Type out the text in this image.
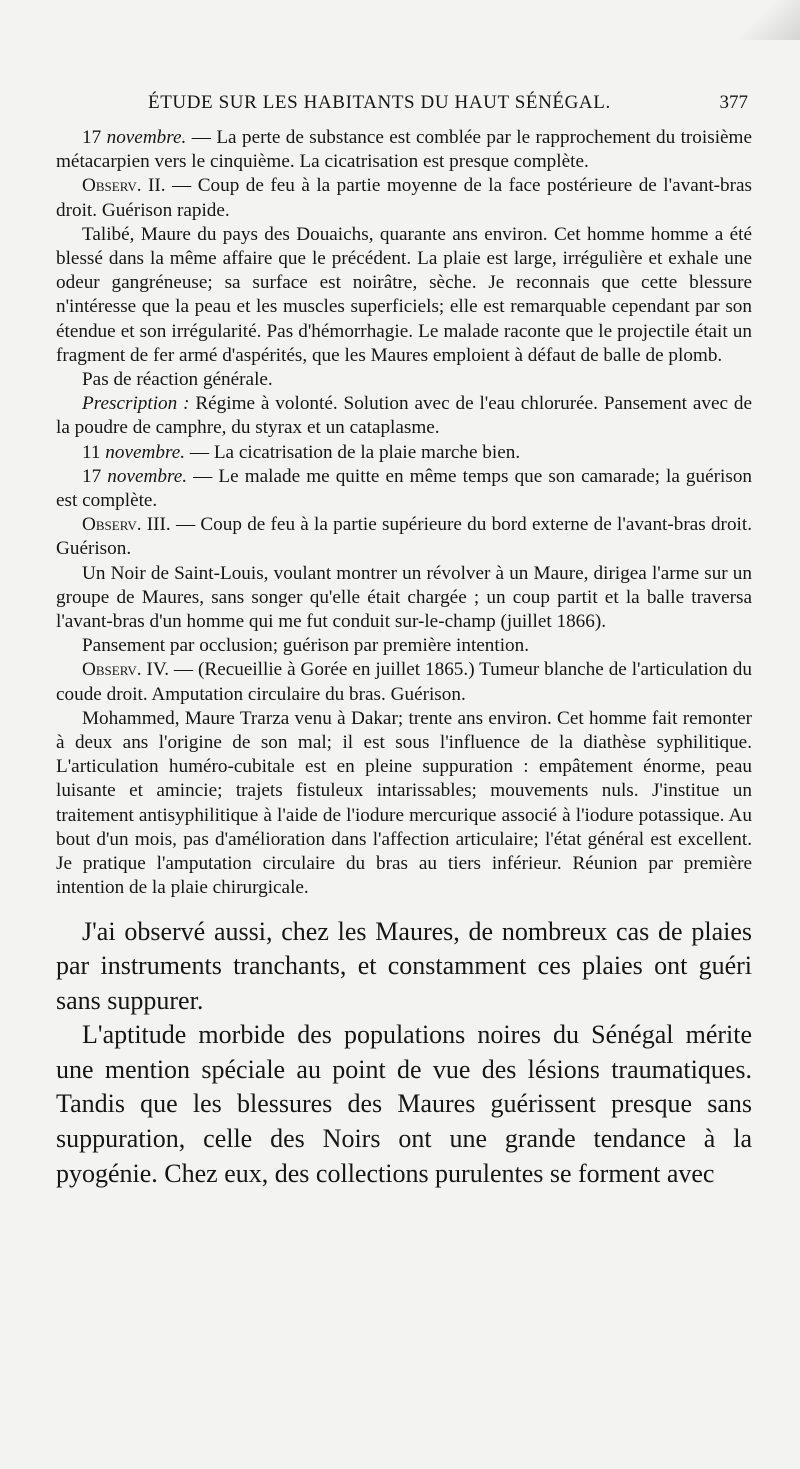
ÉTUDE SUR LES HABITANTS DU HAUT SÉNÉGAL.	377

17 novembre. — La perte de substance est comblée par le rapprochement du troisième métacarpien vers le cinquième. La cicatrisation est presque complète.

Observ. II. — Coup de feu à la partie moyenne de la face postérieure de l'avant-bras droit. Guérison rapide.

Talibé, Maure du pays des Douaichs, quarante ans environ. Cet homme homme a été blessé dans la même affaire que le précédent. La plaie est large, irrégulière et exhale une odeur gangréneuse; sa surface est noirâtre, sèche. Je reconnais que cette blessure n'intéresse que la peau et les muscles superficiels; elle est remarquable cependant par son étendue et son irrégularité. Pas d'hémorrhagie. Le malade raconte que le projectile était un fragment de fer armé d'aspérités, que les Maures emploient à défaut de balle de plomb.

Pas de réaction générale.

Prescription : Régime à volonté. Solution avec de l'eau chlorurée. Pansement avec de la poudre de camphre, du styrax et un cataplasme.

11 novembre. — La cicatrisation de la plaie marche bien.

17 novembre. — Le malade me quitte en même temps que son camarade; la guérison est complète.

Observ. III. — Coup de feu à la partie supérieure du bord externe de l'avant-bras droit. Guérison.

Un Noir de Saint-Louis, voulant montrer un révolver à un Maure, dirigea l'arme sur un groupe de Maures, sans songer qu'elle était chargée ; un coup partit et la balle traversa l'avant-bras d'un homme qui me fut conduit sur-le-champ (juillet 1866).

Pansement par occlusion; guérison par première intention.

Observ. IV. — (Recueillie à Gorée en juillet 1865.) Tumeur blanche de l'articulation du coude droit. Amputation circulaire du bras. Guérison.

Mohammed, Maure Trarza venu à Dakar; trente ans environ. Cet homme fait remonter à deux ans l'origine de son mal; il est sous l'influence de la diathèse syphilitique. L'articulation huméro-cubitale est en pleine suppuration : empâtement énorme, peau luisante et amincie; trajets fistuleux intarissables; mouvements nuls. J'institue un traitement antisyphilitique à l'aide de l'iodure mercurique associé à l'iodure potassique. Au bout d'un mois, pas d'amélioration dans l'affection articulaire; l'état général est excellent. Je pratique l'amputation circulaire du bras au tiers inférieur. Réunion par première intention de la plaie chirurgicale.

J'ai observé aussi, chez les Maures, de nombreux cas de plaies par instruments tranchants, et constamment ces plaies ont guéri sans suppurer.

L'aptitude morbide des populations noires du Sénégal mérite une mention spéciale au point de vue des lésions traumatiques. Tandis que les blessures des Maures guérissent presque sans suppuration, celle des Noirs ont une grande tendance à la pyogénie. Chez eux, des collections purulentes se forment avec
